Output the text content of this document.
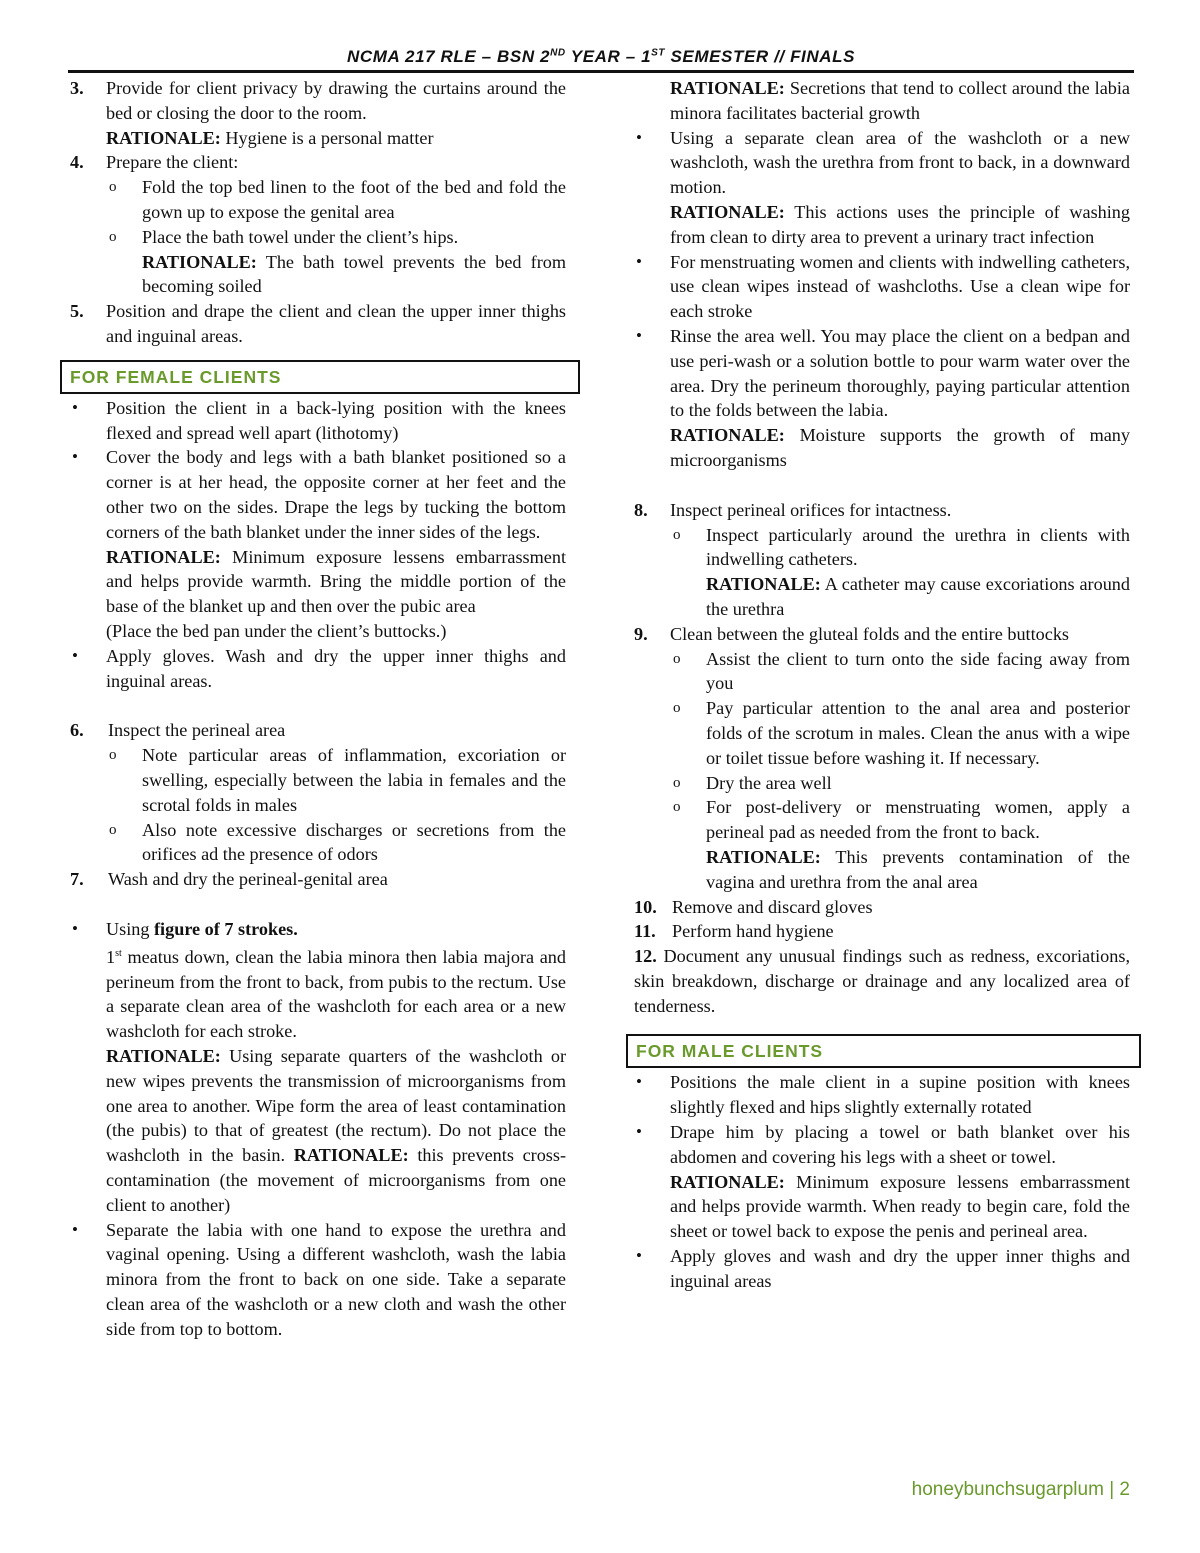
NCMA 217 RLE – BSN 2ND YEAR – 1ST SEMESTER // FINALS
3. Provide for client privacy by drawing the curtains around the bed or closing the door to the room.
RATIONALE: Hygiene is a personal matter
4. Prepare the client:
o Fold the top bed linen to the foot of the bed and fold the gown up to expose the genital area
o Place the bath towel under the client’s hips.
RATIONALE: The bath towel prevents the bed from becoming soiled
5. Position and drape the client and clean the upper inner thighs and inguinal areas.
FOR FEMALE CLIENTS
• Position the client in a back-lying position with the knees flexed and spread well apart (lithotomy)
• Cover the body and legs with a bath blanket positioned so a corner is at her head, the opposite corner at her feet and the other two on the sides. Drape the legs by tucking the bottom corners of the bath blanket under the inner sides of the legs.
RATIONALE: Minimum exposure lessens embarrassment and helps provide warmth. Bring the middle portion of the base of the blanket up and then over the pubic area
(Place the bed pan under the client’s buttocks.)
• Apply gloves. Wash and dry the upper inner thighs and inguinal areas.
6. Inspect the perineal area
o Note particular areas of inflammation, excoriation or swelling, especially between the labia in females and the scrotal folds in males
o Also note excessive discharges or secretions from the orifices ad the presence of odors
7. Wash and dry the perineal-genital area
• Using figure of 7 strokes.
1st meatus down, clean the labia minora then labia majora and perineum from the front to back, from pubis to the rectum. Use a separate clean area of the washcloth for each area or a new washcloth for each stroke.
RATIONALE: Using separate quarters of the washcloth or new wipes prevents the transmission of microorganisms from one area to another. Wipe form the area of least contamination (the pubis) to that of greatest (the rectum). Do not place the washcloth in the basin. RATIONALE: this prevents cross-contamination (the movement of microorganisms from one client to another)
• Separate the labia with one hand to expose the urethra and vaginal opening. Using a different washcloth, wash the labia minora from the front to back on one side. Take a separate clean area of the washcloth or a new cloth and wash the other side from top to bottom.
RATIONALE: Secretions that tend to collect around the labia minora facilitates bacterial growth
• Using a separate clean area of the washcloth or a new washcloth, wash the urethra from front to back, in a downward motion.
RATIONALE: This actions uses the principle of washing from clean to dirty area to prevent a urinary tract infection
• For menstruating women and clients with indwelling catheters, use clean wipes instead of washcloths. Use a clean wipe for each stroke
• Rinse the area well. You may place the client on a bedpan and use peri-wash or a solution bottle to pour warm water over the area. Dry the perineum thoroughly, paying particular attention to the folds between the labia.
RATIONALE: Moisture supports the growth of many microorganisms
8. Inspect perineal orifices for intactness.
o Inspect particularly around the urethra in clients with indwelling catheters.
RATIONALE: A catheter may cause excoriations around the urethra
9. Clean between the gluteal folds and the entire buttocks
o Assist the client to turn onto the side facing away from you
o Pay particular attention to the anal area and posterior folds of the scrotum in males. Clean the anus with a wipe or toilet tissue before washing it. If necessary.
o Dry the area well
o For post-delivery or menstruating women, apply a perineal pad as needed from the front to back.
RATIONALE: This prevents contamination of the vagina and urethra from the anal area
10. Remove and discard gloves
11. Perform hand hygiene
12. Document any unusual findings such as redness, excoriations, skin breakdown, discharge or drainage and any localized area of tenderness.
FOR MALE CLIENTS
• Positions the male client in a supine position with knees slightly flexed and hips slightly externally rotated
• Drape him by placing a towel or bath blanket over his abdomen and covering his legs with a sheet or towel.
RATIONALE: Minimum exposure lessens embarrassment and helps provide warmth. When ready to begin care, fold the sheet or towel back to expose the penis and perineal area.
• Apply gloves and wash and dry the upper inner thighs and inguinal areas
honeybunchsugarplum | 2
